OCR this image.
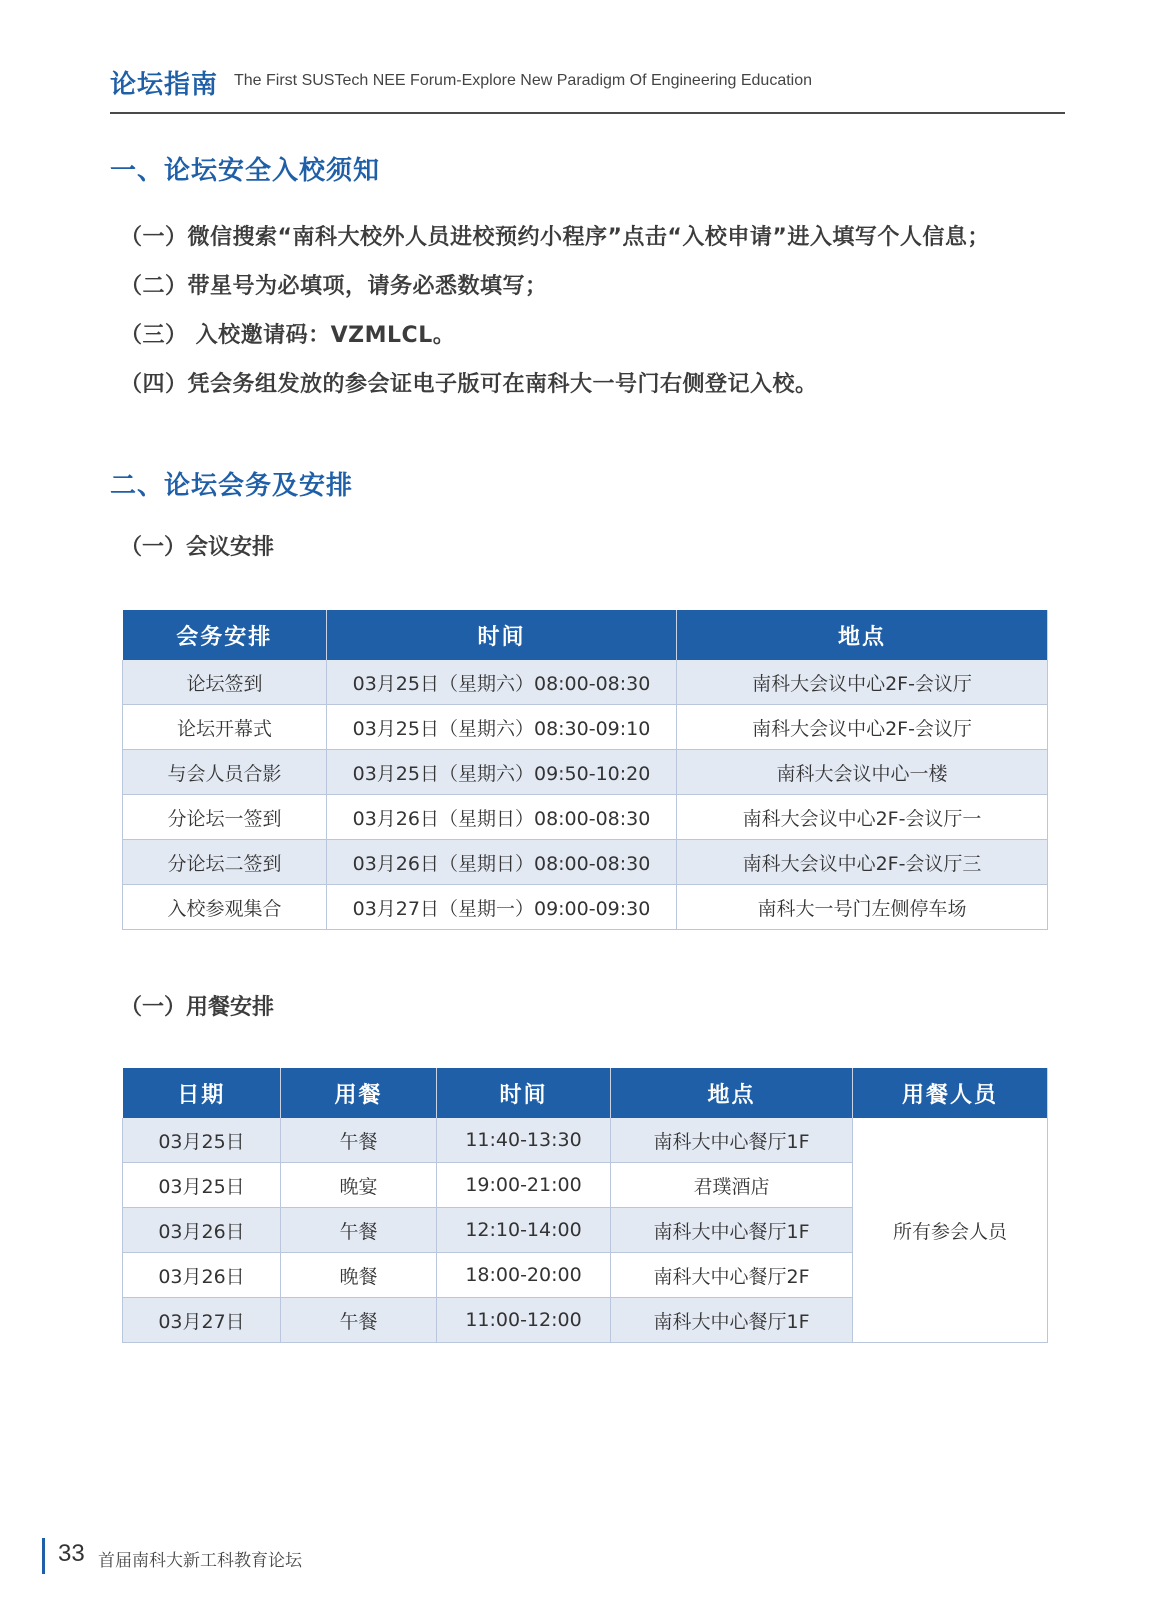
论坛指南 The First SUSTech NEE Forum-Explore New Paradigm Of Engineering Education
一、论坛安全入校须知
（一）微信搜索“南科大校外人员进校预约小程序”点击“入校申请”进入填写个人信息；
（二）带星号为必填项，请务必悉数填写；
（三） 入校邀请码：VZMLCL。
（四）凭会务组发放的参会证电子版可在南科大一号门右侧登记入校。
二、论坛会务及安排
（一）会议安排
会务安排	时间	地点
论坛签到	03月25日（星期六）08:00-08:30	南科大会议中心2F-会议厅
论坛开幕式	03月25日（星期六）08:30-09:10	南科大会议中心2F-会议厅
与会人员合影	03月25日（星期六）09:50-10:20	南科大会议中心一楼
分论坛一签到	03月26日（星期日）08:00-08:30	南科大会议中心2F-会议厅一
分论坛二签到	03月26日（星期日）08:00-08:30	南科大会议中心2F-会议厅三
入校参观集合	03月27日（星期一）09:00-09:30	南科大一号门左侧停车场
（一）用餐安排
日期	用餐	时间	地点	用餐人员
03月25日	午餐	11:40-13:30	南科大中心餐厅1F	所有参会人员
03月25日	晚宴	19:00-21:00	君璞酒店	
03月26日	午餐	12:10-14:00	南科大中心餐厅1F	
03月26日	晚餐	18:00-20:00	南科大中心餐厅2F	
03月27日	午餐	11:00-12:00	南科大中心餐厅1F	
33 首届南科大新工科教育论坛
